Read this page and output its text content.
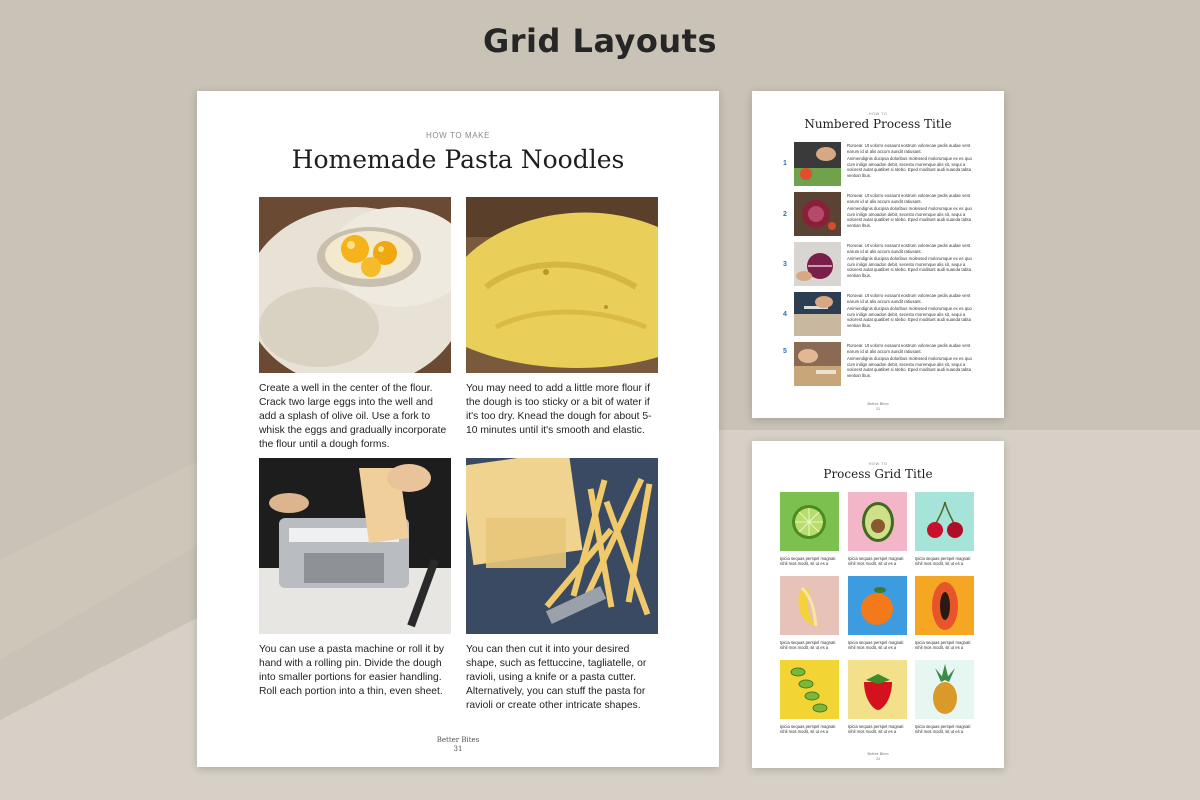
Grid Layouts
HOW TO MAKE
Homemade Pasta Noodles
Create a well in the center of the flour. Crack two large eggs into the well and add a splash of olive oil. Use a fork to whisk the eggs and gradually incorporate the flour until a dough forms.
You may need to add a little more flour if the dough is too sticky or a bit of water if it's too dry. Knead the dough for about 5-10 minutes until it's smooth and elastic.
You can use a pasta machine or roll it by hand with a rolling pin. Divide the dough into smaller portions for easier handling. Roll each portion into a thin, even sheet.
You can then cut it into your desired shape, such as fettuccine, tagliatelle, or ravioli, using a knife or a pasta cutter. Alternatively, you can stuff the pasta for ravioli or create other intricate shapes.
Better Bites
31
HOW TO
Numbered Process Title
1

Roroear. Ut volorro eosaunt eostrum volorecae pedis audae vent earum id ut alis accum aundit ratiusant.

Animendignis ducipsa doloribus molessed molorumque ex es quo cum inilign amoadon debit, secesto moremque alis sit, sequi a volorest autat quatibet si Idebo. Eped moditunt audi suanda tabta ventian lbus.

2

Roroear. Ut volorro eosaunt eostrum volorecae pedis audae vent earum id ut alis accum aundit ratiusant.

Animendignis ducipsa doloribus molessed molorumque ex es quo cum inilign amoadon debit, secesto moremque alis sit, sequi a volorest autat quatibet si Idebo. Eped moditunt audi suanda tabta ventian lbus.

3

Roroear. Ut volorro eosaunt eostrum volorecae pedis audae vent earum id ut alis accum aundit ratiusant.

Animendignis ducipsa doloribus molessed molorumque ex es quo cum inilign amoadon debit, secesto moremque alis sit, sequi a volorest autat quatibet si Idebo. Eped moditunt audi suanda tabta ventian lbus.

4

Roroear. Ut volorro eosaunt eostrum volorecae pedis audae vent earum id ut alis accum aundit ratiusant.

Animendignis ducipsa doloribus molessed molorumque ex es quo cum inilign amoadon debit, secesto moremque alis sit, sequi a volorest autat quatibet si Idebo. Eped moditunt audi suanda tabta ventian lbus.

5

Roroear. Ut volorro eosaunt eostrum volorecae pedis audae vent earum id ut alis accum aundit ratiusant.

Animendignis ducipsa doloribus molessed molorumque ex es quo cum inilign amoadon debit, secesto moremque alis sit, sequi a volorest autat quatibet si Idebo. Eped moditunt audi suanda tabta ventian lbus.

Better Bites
32
HOW TO
Process Grid Title
Ipicia sequas perspel magnati nihil mos modit, sit ut es a
Ipicia sequas perspel magnati nihil mos modit, sit ut es a
Ipicia sequas perspel magnati nihil mos modit, sit ut es a
Ipicia sequas perspel magnati nihil mos modit, sit ut es a
Ipicia sequas perspel magnati nihil mos modit, sit ut es a
Ipicia sequas perspel magnati nihil mos modit, sit ut es a
Ipicia sequas perspel magnati nihil mos modit, sit ut es a
Ipicia sequas perspel magnati nihil mos modit, sit ut es a
Ipicia sequas perspel magnati nihil mos modit, sit ut es a
Better Bites
33
